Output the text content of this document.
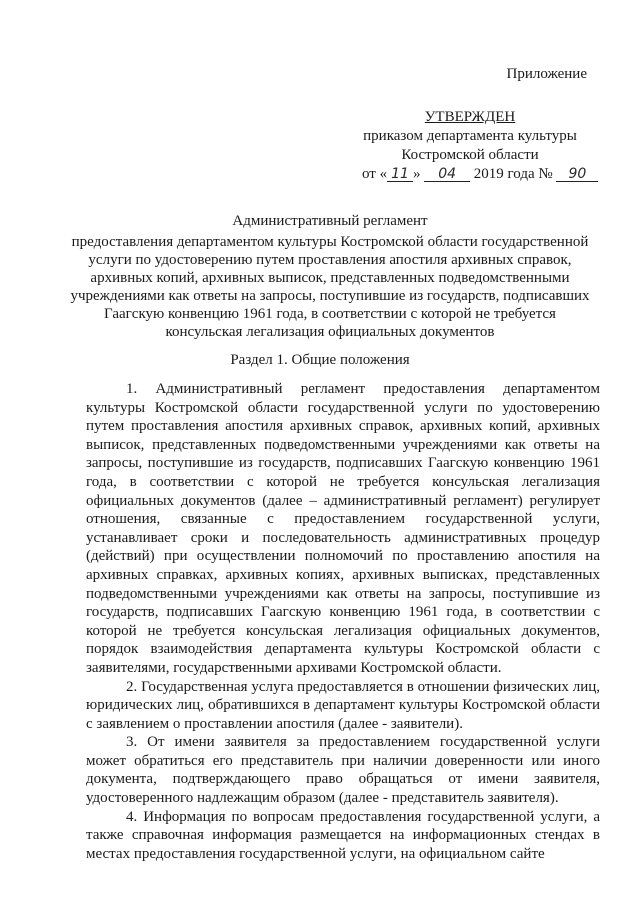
Приложение
УТВЕРЖДЕН
приказом департамента культуры
Костромской области
от « 11 » 04 2019 года № 90
Административный регламент
предоставления департаментом культуры Костромской области государственной услуги по удостоверению путем проставления апостиля архивных справок, архивных копий, архивных выписок, представленных подведомственными учреждениями как ответы на запросы, поступившие из государств, подписавших Гаагскую конвенцию 1961 года, в соответствии с которой не требуется консульская легализация официальных документов
Раздел 1. Общие положения

1. Административный регламент предоставления департаментом культуры Костромской области государственной услуги по удостоверению путем проставления апостиля архивных справок, архивных копий, архивных выписок, представленных подведомственными учреждениями как ответы на запросы, поступившие из государств, подписавших Гаагскую конвенцию 1961 года, в соответствии с которой не требуется консульская легализация официальных документов (далее – административный регламент) регулирует отношения, связанные с предоставлением государственной услуги, устанавливает сроки и последовательность административных процедур (действий) при осуществлении полномочий по проставлению апостиля на архивных справках, архивных копиях, архивных выписках, представленных подведомственными учреждениями как ответы на запросы, поступившие из государств, подписавших Гаагскую конвенцию 1961 года, в соответствии с которой не требуется консульская легализация официальных документов, порядок взаимодействия департамента культуры Костромской области с заявителями, государственными архивами Костромской области.

2. Государственная услуга предоставляется в отношении физических лиц, юридических лиц, обратившихся в департамент культуры Костромской области с заявлением о проставлении апостиля (далее - заявители).

3. От имени заявителя за предоставлением государственной услуги может обратиться его представитель при наличии доверенности или иного документа, подтверждающего право обращаться от имени заявителя, удостоверенного надлежащим образом (далее - представитель заявителя).

4. Информация по вопросам предоставления государственной услуги, а также справочная информация размещается на информационных стендах в местах предоставления государственной услуги, на официальном сайте
